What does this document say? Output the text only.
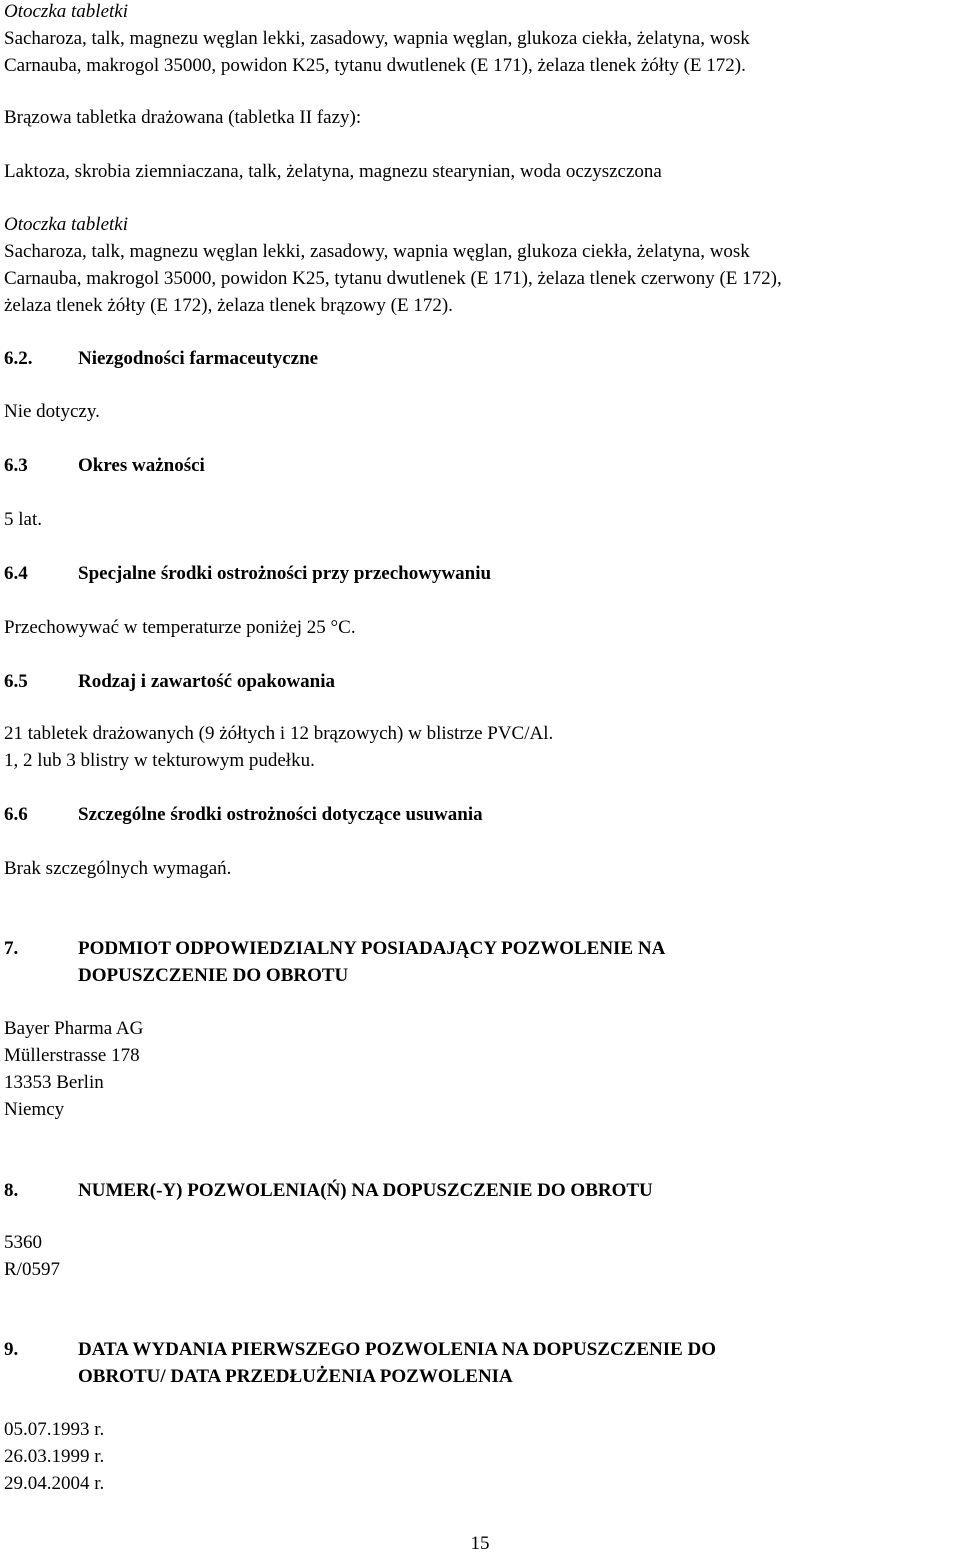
Otoczka tabletki
Sacharoza, talk, magnezu węglan lekki, zasadowy, wapnia węglan, glukoza ciekła, żelatyna, wosk
Carnauba, makrogol 35000, powidon K25, tytanu dwutlenek (E 171), żelaza tlenek żółty (E 172).
Brązowa tabletka drażowana (tabletka II fazy):
Laktoza, skrobia ziemniaczana, talk, żelatyna, magnezu stearynian, woda oczyszczona
Otoczka tabletki
Sacharoza, talk, magnezu węglan lekki, zasadowy, wapnia węglan, glukoza ciekła, żelatyna, wosk
Carnauba, makrogol 35000, powidon K25, tytanu dwutlenek (E 171), żelaza tlenek czerwony (E 172),
żelaza tlenek żółty (E 172), żelaza tlenek brązowy (E 172).
6.2. Niezgodności farmaceutyczne
Nie dotyczy.
6.3	Okres ważności
5 lat.
6.4	Specjalne środki ostrożności przy przechowywaniu
Przechowywać w temperaturze poniżej 25 °C.
6.5	Rodzaj i zawartość opakowania
21 tabletek drażowanych (9 żółtych i 12 brązowych) w blistrze PVC/Al.
1, 2 lub 3 blistry w tekturowym pudełku.
6.6	Szczególne środki ostrożności dotyczące usuwania
Brak szczególnych wymagań.
7.	PODMIOT ODPOWIEDZIALNY POSIADAJĄCY POZWOLENIE NA
DOPUSZCZENIE DO OBROTU
Bayer Pharma AG
Müllerstrasse 178
13353 Berlin
Niemcy
8.	NUMER(-Y) POZWOLENIA(Ń) NA DOPUSZCZENIE DO OBROTU
5360
R/0597
9.	DATA WYDANIA PIERWSZEGO POZWOLENIA NA DOPUSZCZENIE DO
OBROTU/ DATA PRZEDŁUŻENIA POZWOLENIA
05.07.1993 r.
26.03.1999 r.
29.04.2004 r.
15
